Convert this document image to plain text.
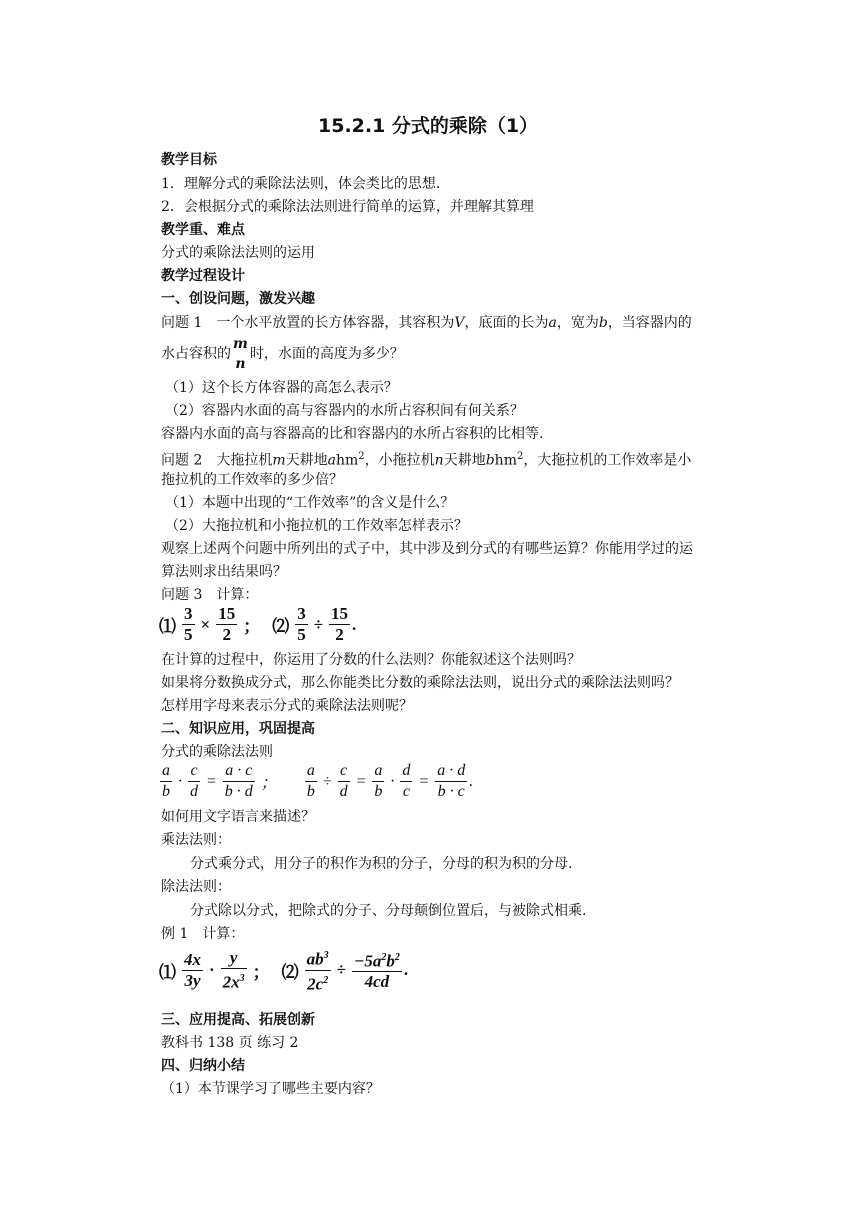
15.2.1 分式的乘除（1）
教学目标
1．理解分式的乘除法法则，体会类比的思想.
2．会根据分式的乘除法法则进行简单的运算，并理解其算理
教学重、难点
分式的乘除法法则的运用
教学过程设计
一、创设问题，激发兴趣
问题 1　一个水平放置的长方体容器，其容积为V，底面的长为a，宽为b，当容器内的
水占容积的
m
n
时，水面的高度为多少？
（1）这个长方体容器的高怎么表示？
（2）容器内水面的高与容器内的水所占容积间有何关系？
容器内水面的高与容器高的比和容器内的水所占容积的比相等.
问题 2　大拖拉机m天耕地ahm$^2$，小拖拉机n天耕地bhm$^2$，大拖拉机的工作效率是小
拖拉机的工作效率的多少倍？
（1）本题中出现的“工作效率”的含义是什么？
（2）大拖拉机和小拖拉机的工作效率怎样表示？
观察上述两个问题中所列出的式子中，其中涉及到分式的有哪些运算？你能用学过的运
算法则求出结果吗？
问题 3　计算：
⑴ $\frac{3}{5} \times \frac{15}{2}$ ； ⑵ $\frac{3}{5} \div \frac{15}{2}$ .
在计算的过程中，你运用了分数的什么法则？你能叙述这个法则吗？
如果将分数换成分式，那么你能类比分数的乘除法法则，说出分式的乘除法法则吗？
怎样用字母来表示分式的乘除法法则呢？
二、知识应用，巩固提高
分式的乘除法法则
$\frac{a}{b} \cdot \frac{c}{d} = \frac{a \cdot c}{b \cdot d}$ ； $\frac{a}{b} \div \frac{c}{d} = \frac{a}{b} \cdot \frac{d}{c} = \frac{a \cdot d}{b \cdot c}$ .
如何用文字语言来描述？
乘法法则：
分式乘分式，用分子的积作为积的分子，分母的积为积的分母.
除法法则：
分式除以分式，把除式的分子、分母颠倒位置后，与被除式相乘.
例 1　计算：
⑴ $\frac{4x}{3y} \cdot \frac{y}{2x^3}$ ； ⑵ $\frac{ab^3}{2c^2} \div \frac{-5a^2b^2}{4cd}$ .
三、应用提高、拓展创新
教科书 138 页 练习 2
四、归纳小结
（1）本节课学习了哪些主要内容？
